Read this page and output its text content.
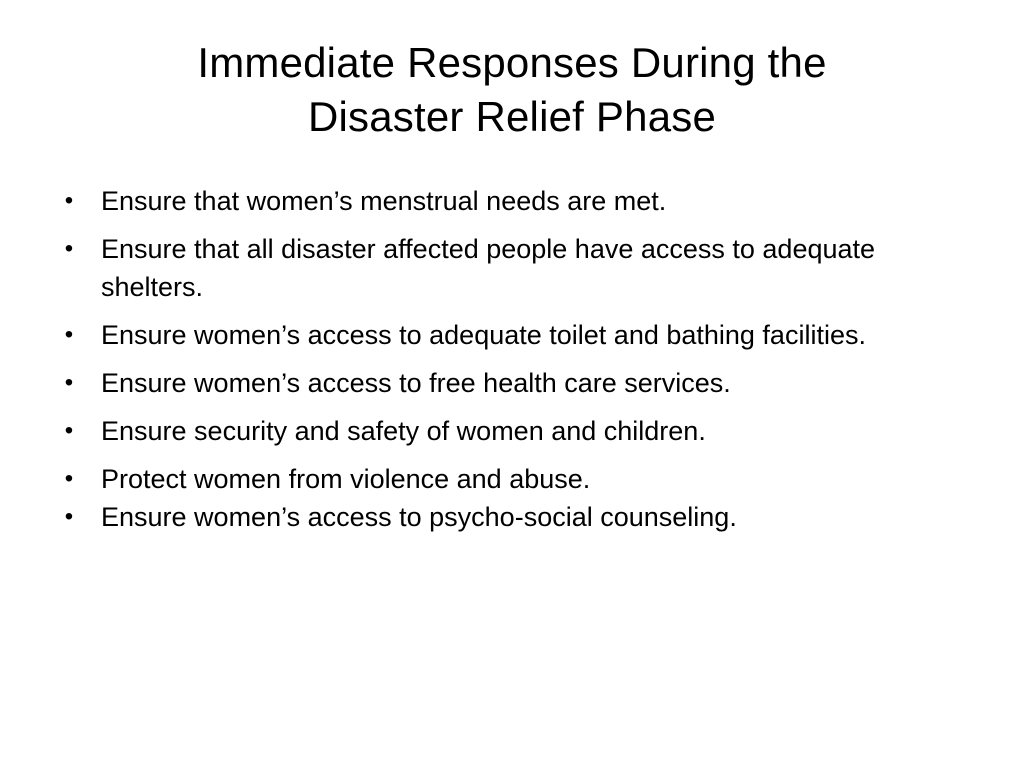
Immediate Responses During the
Disaster Relief Phase
• Ensure that women’s menstrual needs are met.
• Ensure that all disaster affected people have access to adequate shelters.
• Ensure women’s access to adequate toilet and bathing facilities.
• Ensure women’s access to free health care services.
• Ensure security and safety of women and children.
• Protect women from violence and abuse.
• Ensure women’s access to psycho-social counseling.
